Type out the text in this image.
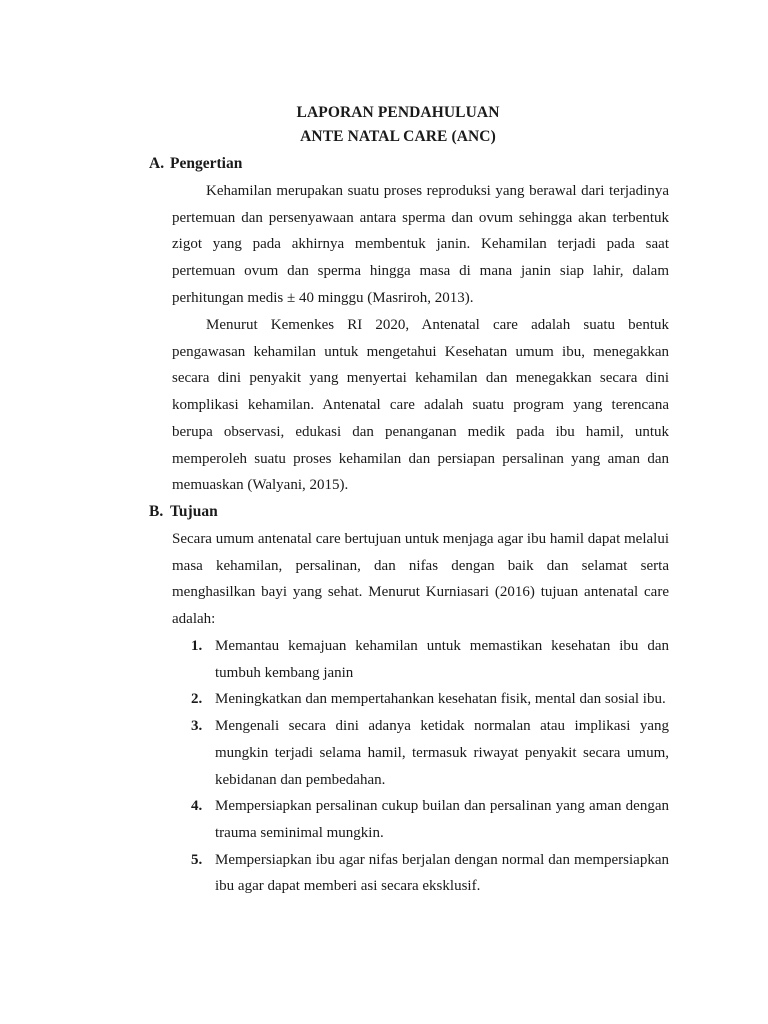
LAPORAN PENDAHULUAN
ANTE NATAL CARE (ANC)
A. Pengertian

Kehamilan merupakan suatu proses reproduksi yang berawal dari terjadinya pertemuan dan persenyawaan antara sperma dan ovum sehingga akan terbentuk zigot yang pada akhirnya membentuk janin. Kehamilan terjadi pada saat pertemuan ovum dan sperma hingga masa di mana janin siap lahir, dalam perhitungan medis ± 40 minggu (Masriroh, 2013).

Menurut Kemenkes RI 2020, Antenatal care adalah suatu bentuk pengawasan kehamilan untuk mengetahui Kesehatan umum ibu, menegakkan secara dini penyakit yang menyertai kehamilan dan menegakkan secara dini komplikasi kehamilan. Antenatal care adalah suatu program yang terencana berupa observasi, edukasi dan penanganan medik pada ibu hamil, untuk memperoleh suatu proses kehamilan dan persiapan persalinan yang aman dan memuaskan (Walyani, 2015).

B. Tujuan

Secara umum antenatal care bertujuan untuk menjaga agar ibu hamil dapat melalui masa kehamilan, persalinan, dan nifas dengan baik dan selamat serta menghasilkan bayi yang sehat. Menurut Kurniasari (2016) tujuan antenatal care adalah:

1. Memantau kemajuan kehamilan untuk memastikan kesehatan ibu dan tumbuh kembang janin
2. Meningkatkan dan mempertahankan kesehatan fisik, mental dan sosial ibu.
3. Mengenali secara dini adanya ketidak normalan atau implikasi yang mungkin terjadi selama hamil, termasuk riwayat penyakit secara umum, kebidanan dan pembedahan.
4. Mempersiapkan persalinan cukup builan dan persalinan yang aman dengan trauma seminimal mungkin.
5. Mempersiapkan ibu agar nifas berjalan dengan normal dan mempersiapkan ibu agar dapat memberi asi secara eksklusif.
